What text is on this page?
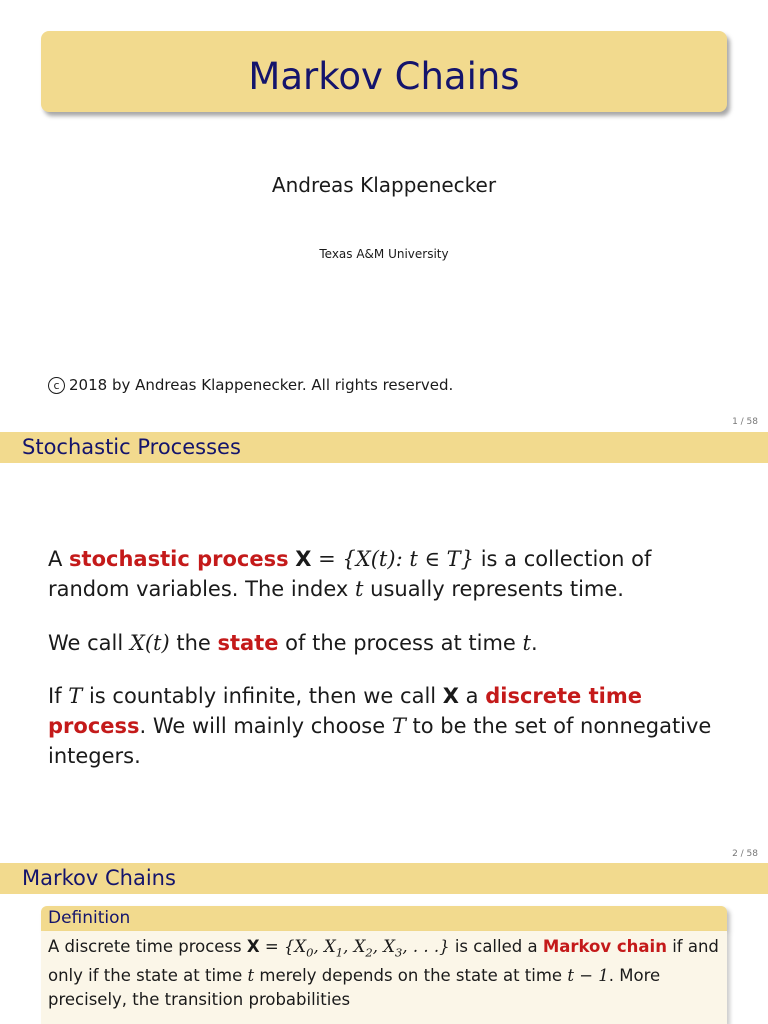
Markov Chains
Andreas Klappenecker
Texas A&M University
c 2018 by Andreas Klappenecker. All rights reserved.
1 / 58
Stochastic Processes
A stochastic process X = {X(t): t ∈ T} is a collection of random variables. The index t usually represents time.
We call X(t) the state of the process at time t.
If T is countably infinite, then we call X a discrete time process. We will mainly choose T to be the set of nonnegative integers.
2 / 58
Markov Chains
Definition
A discrete time process $X = \{X_0$, $X_1$, $X_2$, $X_3$, . . .} is called a Markov chain if and only if the state at time t merely depends on the state at time t − 1. More precisely, the transition probabilities
